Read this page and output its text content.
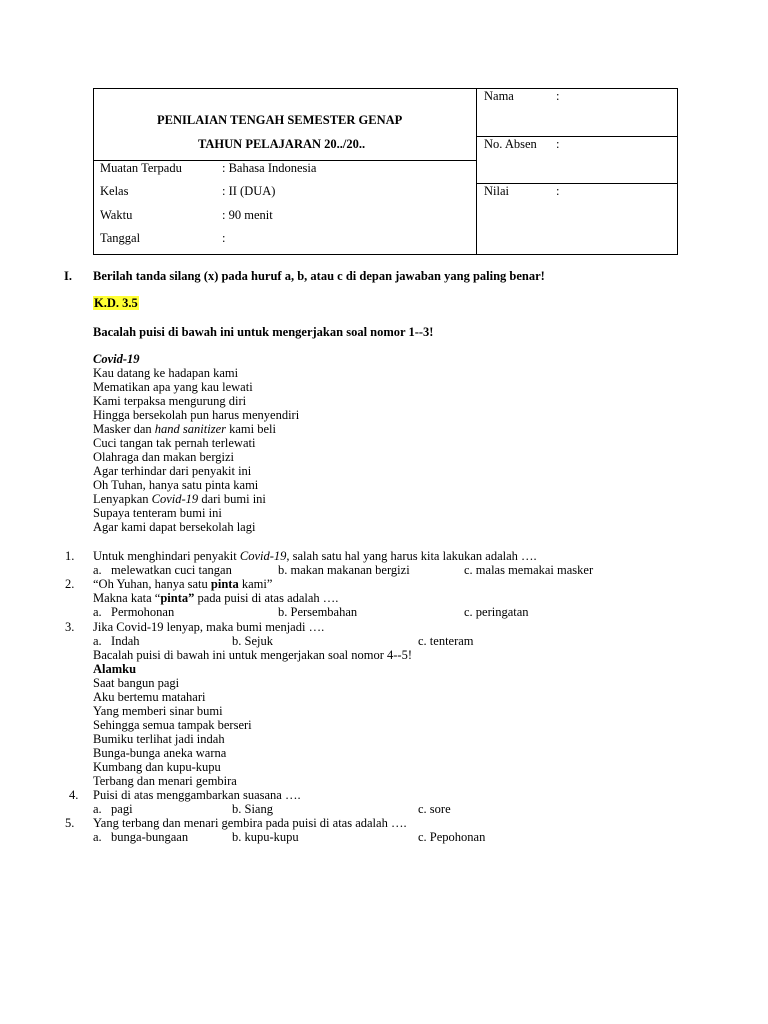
PENILAIAN TENGAH SEMESTER GENAP
TAHUN PELAJARAN 20../20..
Muatan Terpadu	: Bahasa Indonesia
Kelas	: II (DUA)
Waktu	: 90 menit
Tanggal	:
Nama	:
No. Absen :
Nilai	:
I. Berilah tanda silang (x) pada huruf a, b, atau c di depan jawaban yang paling benar!
K.D. 3.5
Bacalah puisi di bawah ini untuk mengerjakan soal nomor 1--3!
Covid-19
Kau datang ke hadapan kami
Mematikan apa yang kau lewati
Kami terpaksa mengurung diri
Hingga bersekolah pun harus menyendiri
Masker dan hand sanitizer kami beli
Cuci tangan tak pernah terlewati
Olahraga dan makan bergizi
Agar terhindar dari penyakit ini
Oh Tuhan, hanya satu pinta kami
Lenyapkan Covid-19 dari bumi ini
Supaya tenteram bumi ini
Agar kami dapat bersekolah lagi
1. Untuk menghindari penyakit Covid-19, salah satu hal yang harus kita lakukan adalah ….
a.   melewatkan cuci tangan	b. makan makanan bergizi	c. malas memakai masker
2. “Oh Yuhan, hanya satu pinta kami”
Makna kata “pinta” pada puisi di atas adalah ….
a.   Permohonan	b. Persembahan	c. peringatan
3. Jika Covid-19 lenyap, maka bumi menjadi ….
a.   Indah	b. Sejuk	c. tenteram
Bacalah puisi di bawah ini untuk mengerjakan soal nomor 4--5!
Alamku
Saat bangun pagi
Aku bertemu matahari
Yang memberi sinar bumi
Sehingga semua tampak berseri
Bumiku terlihat jadi indah
Bunga-bunga aneka warna
Kumbang dan kupu-kupu
Terbang dan menari gembira
4. Puisi di atas menggambarkan suasana ….
a.   pagi	b. Siang	c. sore
5. Yang terbang dan menari gembira pada puisi di atas adalah ….
a.   bunga-bungaan	b. kupu-kupu	c. Pepohonan
